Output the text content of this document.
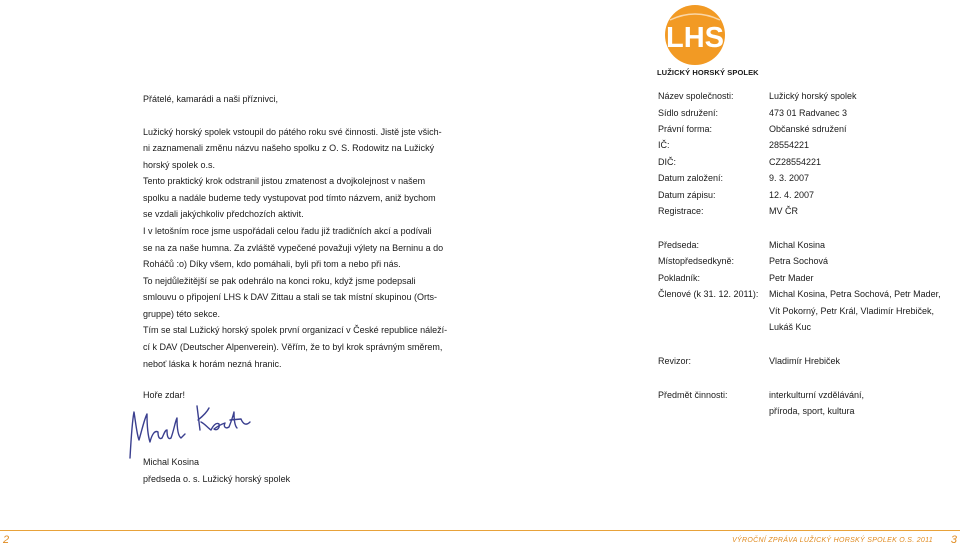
LHS
LUŽICKÝ HORSKÝ SPOLEK
Přátelé, kamarádi a naši příznivci,
Lužický horský spolek vstoupil do pátého roku své činnosti. Jistě jste všich-
ni zaznamenali změnu názvu našeho spolku z O. S. Rodowitz na Lužický
horský spolek o.s.
Tento praktický krok odstranil jistou zmatenost a dvojkolejnost v našem
spolku a nadále budeme tedy vystupovat pod tímto názvem, aniž bychom
se vzdali jakýchkoliv předchozích aktivit.
I v letošním roce jsme uspořádali celou řadu již tradičních akcí a podívali
se na za naše humna. Za zvláště vypečené považuji výlety na Berninu a do
Roháčů :o) Díky všem, kdo pomáhali, byli při tom a nebo při nás.
To nejdůležitější se pak odehrálo na konci roku, když jsme podepsali
smlouvu o připojení LHS k DAV Zittau a stali se tak místní skupinou (Orts-
gruppe) této sekce.
Tím se stal Lužický horský spolek první organizací v České republice náleží-
cí k DAV (Deutscher Alpenverein). Věřím, že to byl krok správným směrem,
neboť láska k horám nezná hranic.
Hoře zdar!
Michal Kosina
předseda o. s. Lužický horský spolek
Název společnosti:	Lužický horský spolek
Sídlo sdružení:	473 01 Radvanec 3
Právní forma:	Občanské sdružení
IČ:	28554221
DIČ:	CZ28554221
Datum založení:	9. 3. 2007
Datum zápisu:	12. 4. 2007
Registrace:	MV ČR
Předseda:	Michal Kosina
Místopředsedkyně:	Petra Sochová
Pokladník:	Petr Mader
Členové (k 31. 12. 2011): Michal Kosina, Petra Sochová, Petr Mader,
Vít Pokorný, Petr Král, Vladimír Hrebiček,
Lukáš Kuc
Revizor:	Vladimír Hrebiček
Předmět činnosti:	interkulturní vzdělávání,
příroda, sport, kultura
2	3
VÝROČNÍ ZPRÁVA LUŽICKÝ HORSKÝ SPOLEK O.S. 2011
